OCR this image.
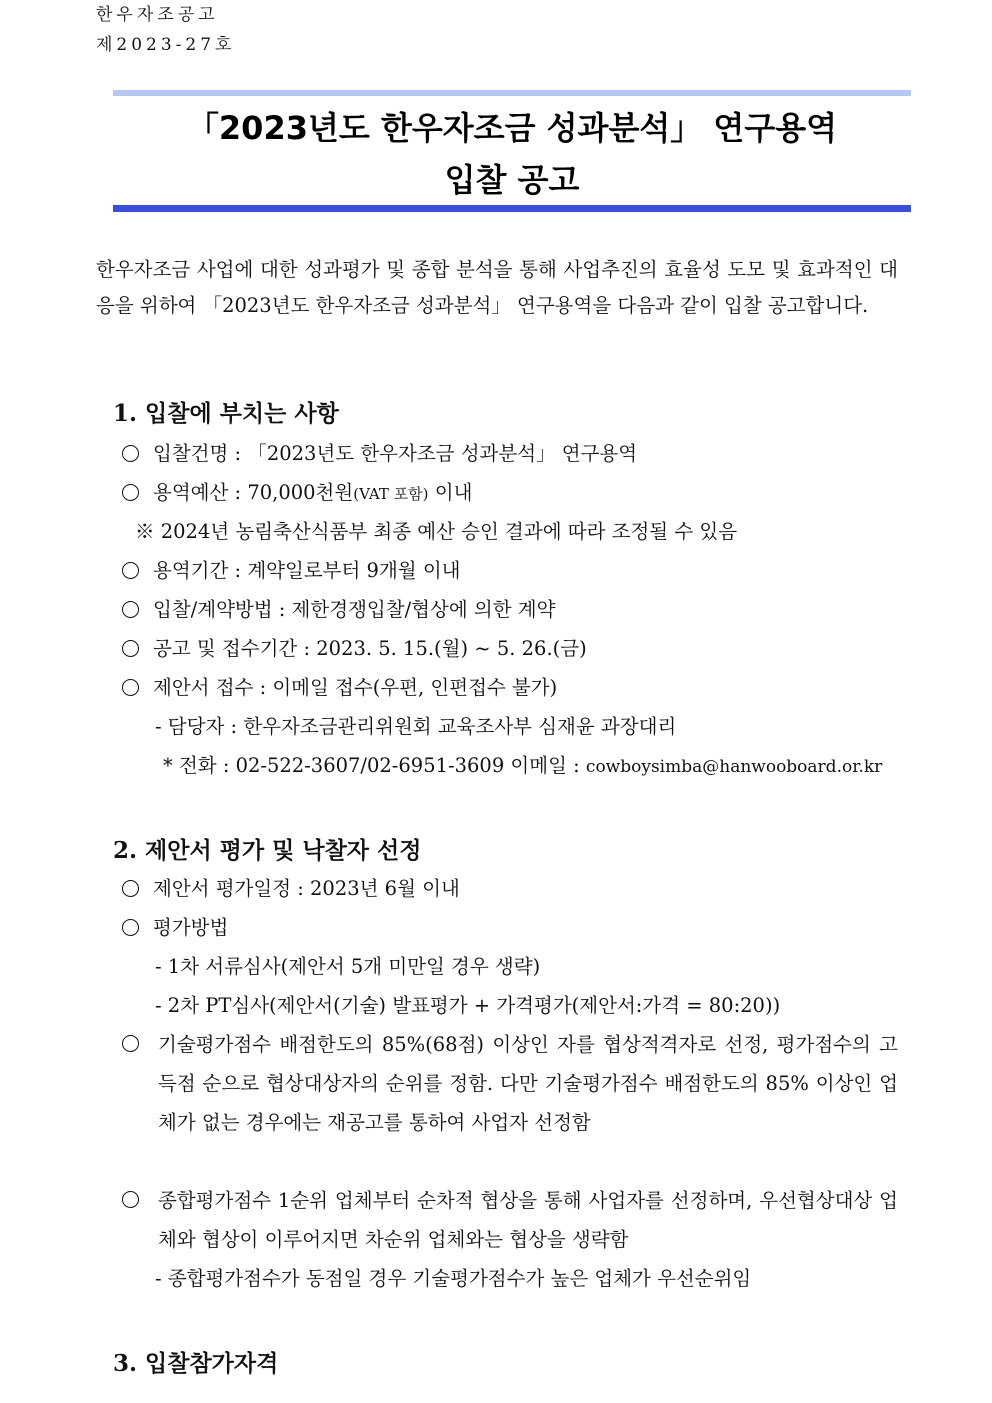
한우자조공고
제2023-27호
「2023년도 한우자조금 성과분석」 연구용역
입찰 공고
한우자조금 사업에 대한 성과평가 및 종합 분석을 통해 사업추진의 효율성 도모 및 효과적인 대응을 위하여 「2023년도 한우자조금 성과분석」 연구용역을 다음과 같이 입찰 공고합니다.
1. 입찰에 부치는 사항
입찰건명 : 「2023년도 한우자조금 성과분석」 연구용역
용역예산 : 70,000천원(VAT 포함) 이내
※ 2024년 농림축산식품부 최종 예산 승인 결과에 따라 조정될 수 있음
용역기간 : 계약일로부터 9개월 이내
입찰/계약방법 : 제한경쟁입찰/협상에 의한 계약
공고 및 접수기간 : 2023. 5. 15.(월) ~ 5. 26.(금)
제안서 접수 : 이메일 접수(우편, 인편접수 불가)
- 담당자 : 한우자조금관리위원회 교육조사부 심재윤 과장대리
* 전화 : 02-522-3607/02-6951-3609 이메일 : cowboysimba@hanwooboard.or.kr
2. 제안서 평가 및 낙찰자 선정
제안서 평가일정 : 2023년 6월 이내
평가방법
- 1차 서류심사(제안서 5개 미만일 경우 생략)
- 2차 PT심사(제안서(기술) 발표평가 + 가격평가(제안서:가격 = 80:20))
기술평가점수 배점한도의 85%(68점) 이상인 자를 협상적격자로 선정, 평가점수의 고득점 순으로 협상대상자의 순위를 정함. 다만 기술평가점수 배점한도의 85% 이상인 업체가 없는 경우에는 재공고를 통하여 사업자 선정함
종합평가점수 1순위 업체부터 순차적 협상을 통해 사업자를 선정하며, 우선협상대상 업체와 협상이 이루어지면 차순위 업체와는 협상을 생략함
- 종합평가점수가 동점일 경우 기술평가점수가 높은 업체가 우선순위임
3. 입찰참가자격
